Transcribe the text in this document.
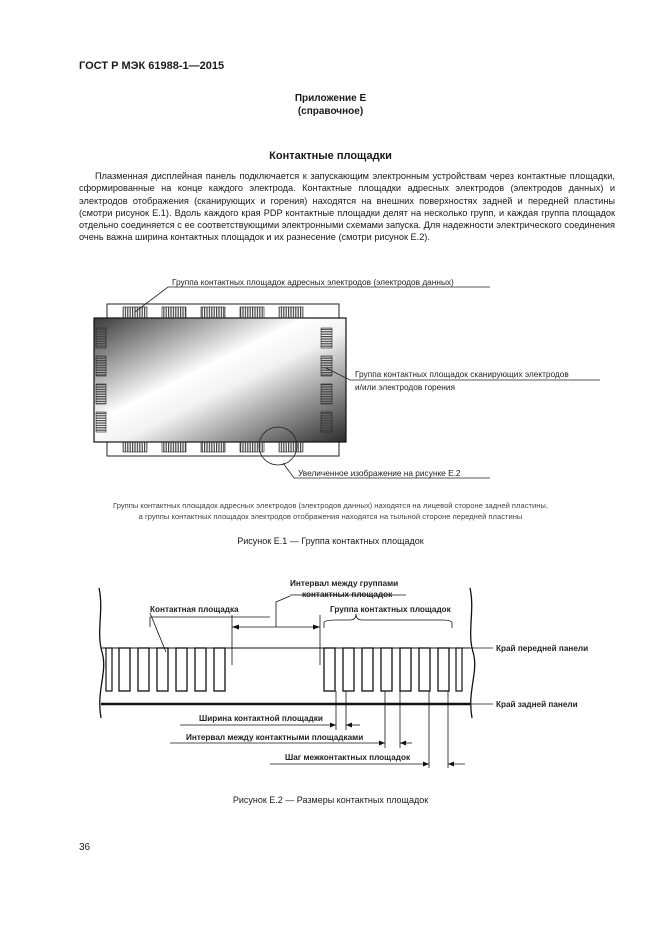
ГОСТ Р МЭК 61988-1—2015
Приложение Е
(справочное)
Контактные площадки

Плазменная дисплейная панель подключается к запускающим электронным устройствам через контактные площадки, сформированные на конце каждого электрода. Контактные площадки адресных электродов (электродов данных) и электродов отображения (сканирующих и горения) находятся на внешних поверхностях задней и передней пластины (смотри рисунок Е.1). Вдоль каждого края PDP контактные площадки делят на несколько групп, и каждая группа площадок отдельно соединяется с ее соответствующими электронными схемами запуска. Для надежности электрического соединения очень важна ширина контактных площадок и их разнесение (смотри рисунок Е.2).

Группа контактных площадок адресных электродов (электродов данных)
Группа контактных площадок сканирующих электродов
и/или электродов горения
Увеличенное изображение на рисунке Е.2
Группы контактных площадок адресных электродов (электродов данных) находятся на лицевой стороне задней пластины,
а группы контактных площадок электродов отображения находятся на тыльной стороне передней пластины
Рисунок Е.1 — Группа контактных площадок
Интервал между группами
контактных площадок
Контактная площадка	Группа контактных площадок
Край передней панели
Край задней панели
Ширина контактной площадки
Интервал между контактными площадками
Шаг межконтактных площадок
Рисунок Е.2 — Размеры контактных площадок
36
